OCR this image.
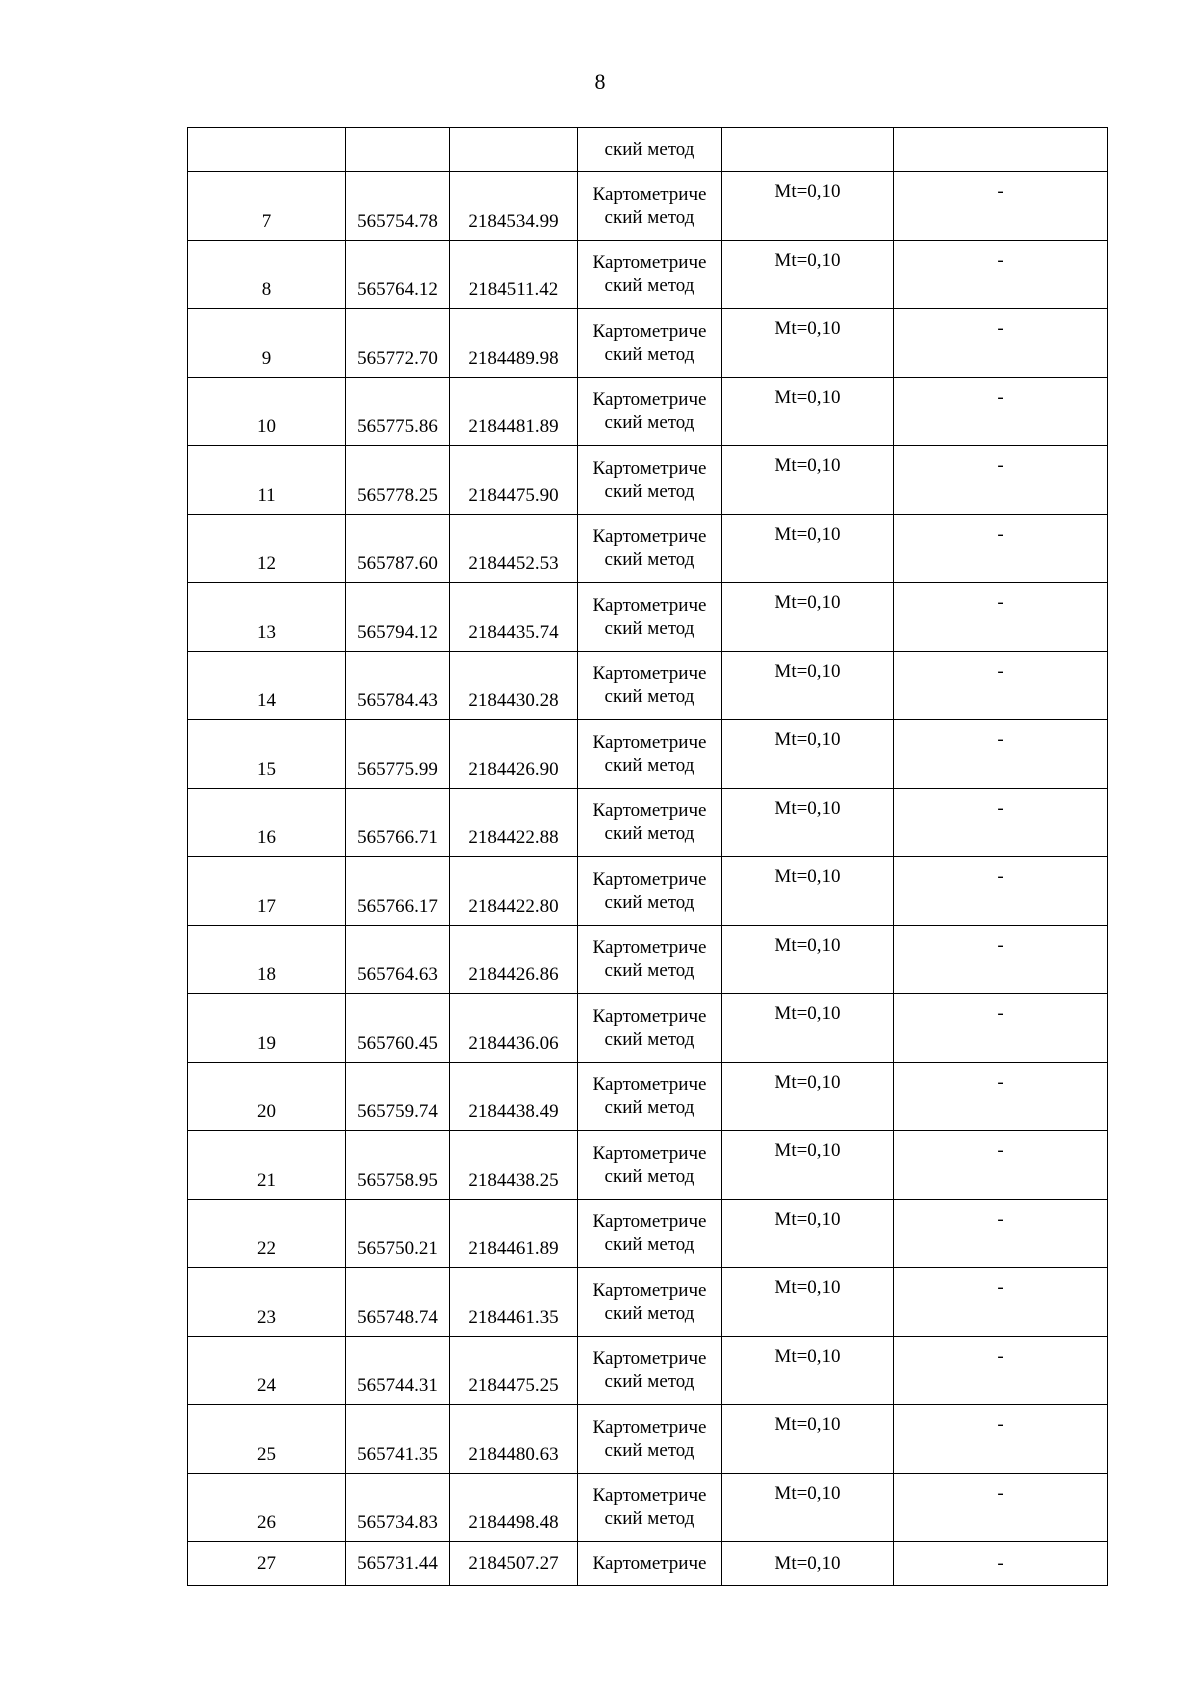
8

			ский метод		

7	565754.78	2184534.99	Картометриче
ский метод	Mt=0,10	-
8	565764.12	2184511.42	Картометриче
ский метод	Mt=0,10	-
9	565772.70	2184489.98	Картометриче
ский метод	Mt=0,10	-
10	565775.86	2184481.89	Картометриче
ский метод	Mt=0,10	-
11	565778.25	2184475.90	Картометриче
ский метод	Mt=0,10	-
12	565787.60	2184452.53	Картометриче
ский метод	Mt=0,10	-
13	565794.12	2184435.74	Картометриче
ский метод	Mt=0,10	-
14	565784.43	2184430.28	Картометриче
ский метод	Mt=0,10	-
15	565775.99	2184426.90	Картометриче
ский метод	Mt=0,10	-
16	565766.71	2184422.88	Картометриче
ский метод	Mt=0,10	-
17	565766.17	2184422.80	Картометриче
ский метод	Mt=0,10	-
18	565764.63	2184426.86	Картометриче
ский метод	Mt=0,10	-
19	565760.45	2184436.06	Картометриче
ский метод	Mt=0,10	-
20	565759.74	2184438.49	Картометриче
ский метод	Mt=0,10	-
21	565758.95	2184438.25	Картометриче
ский метод	Mt=0,10	-
22	565750.21	2184461.89	Картометриче
ский метод	Mt=0,10	-
23	565748.74	2184461.35	Картометриче
ский метод	Mt=0,10	-
24	565744.31	2184475.25	Картометриче
ский метод	Mt=0,10	-
25	565741.35	2184480.63	Картометриче
ский метод	Mt=0,10	-
26	565734.83	2184498.48	Картометриче
ский метод	Mt=0,10	-
27	565731.44	2184507.27	Картометриче	Mt=0,10	-
